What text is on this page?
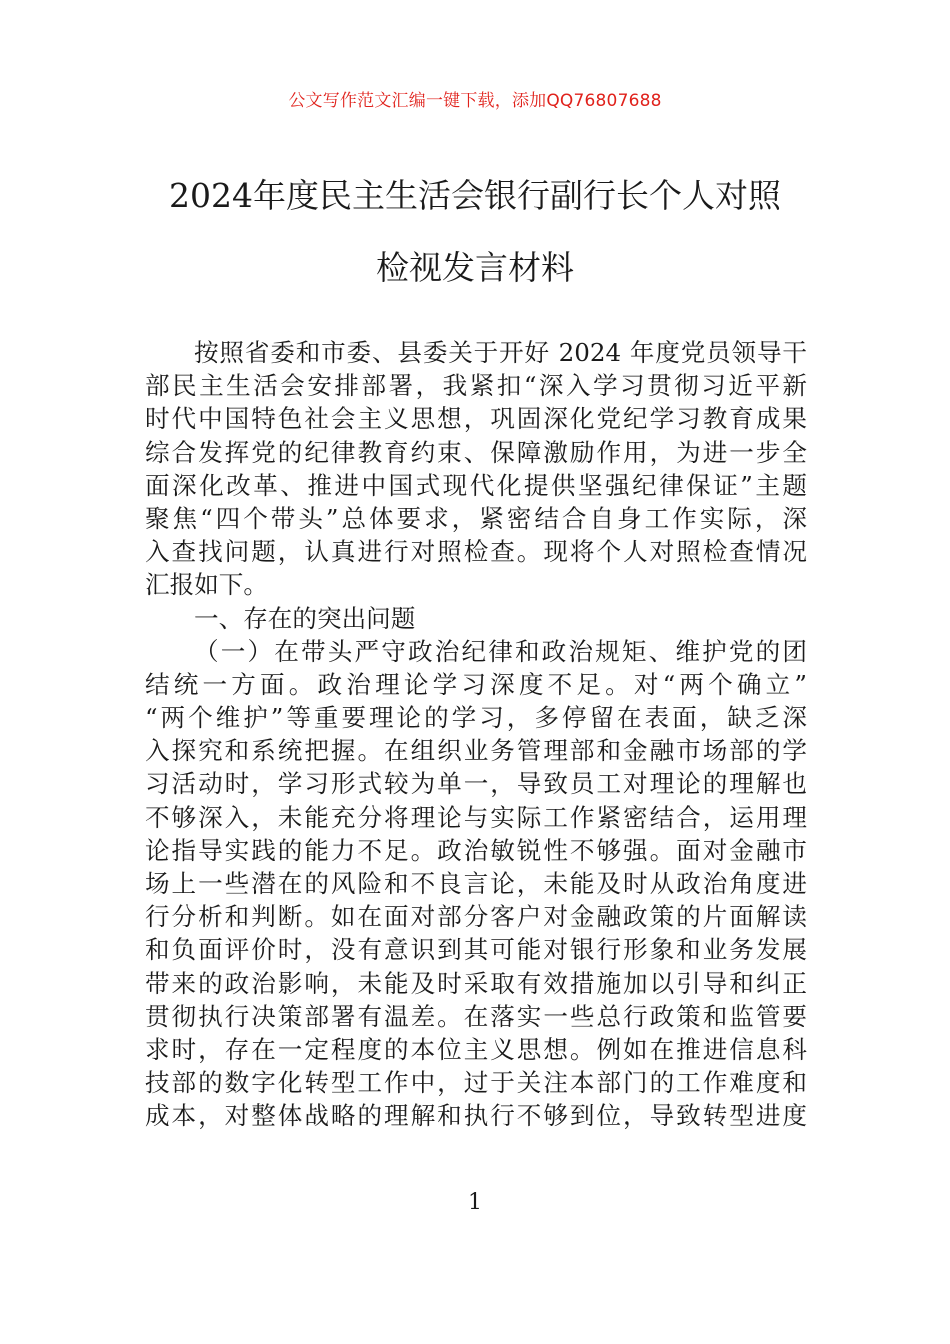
公文写作范文汇编一键下载，添加QQ76807688
2024年度民主生活会银行副行长个人对照
检视发言材料
按照省委和市委、县委关于开好 2024 年度党员领导干
部民主生活会安排部署，我紧扣“深入学习贯彻习近平新
时代中国特色社会主义思想，巩固深化党纪学习教育成果
综合发挥党的纪律教育约束、保障激励作用，为进一步全
面深化改革、推进中国式现代化提供坚强纪律保证”主题
聚焦“四个带头”总体要求，紧密结合自身工作实际，深
入查找问题，认真进行对照检查。现将个人对照检查情况
汇报如下。
一、存在的突出问题
（一）在带头严守政治纪律和政治规矩、维护党的团
结统一方面。政治理论学习深度不足。对“两个确立”
“两个维护”等重要理论的学习，多停留在表面，缺乏深
入探究和系统把握。在组织业务管理部和金融市场部的学
习活动时，学习形式较为单一，导致员工对理论的理解也
不够深入，未能充分将理论与实际工作紧密结合，运用理
论指导实践的能力不足。政治敏锐性不够强。面对金融市
场上一些潜在的风险和不良言论，未能及时从政治角度进
行分析和判断。如在面对部分客户对金融政策的片面解读
和负面评价时，没有意识到其可能对银行形象和业务发展
带来的政治影响，未能及时采取有效措施加以引导和纠正
贯彻执行决策部署有温差。在落实一些总行政策和监管要
求时，存在一定程度的本位主义思想。例如在推进信息科
技部的数字化转型工作中，过于关注本部门的工作难度和
成本，对整体战略的理解和执行不够到位，导致转型进度
1
